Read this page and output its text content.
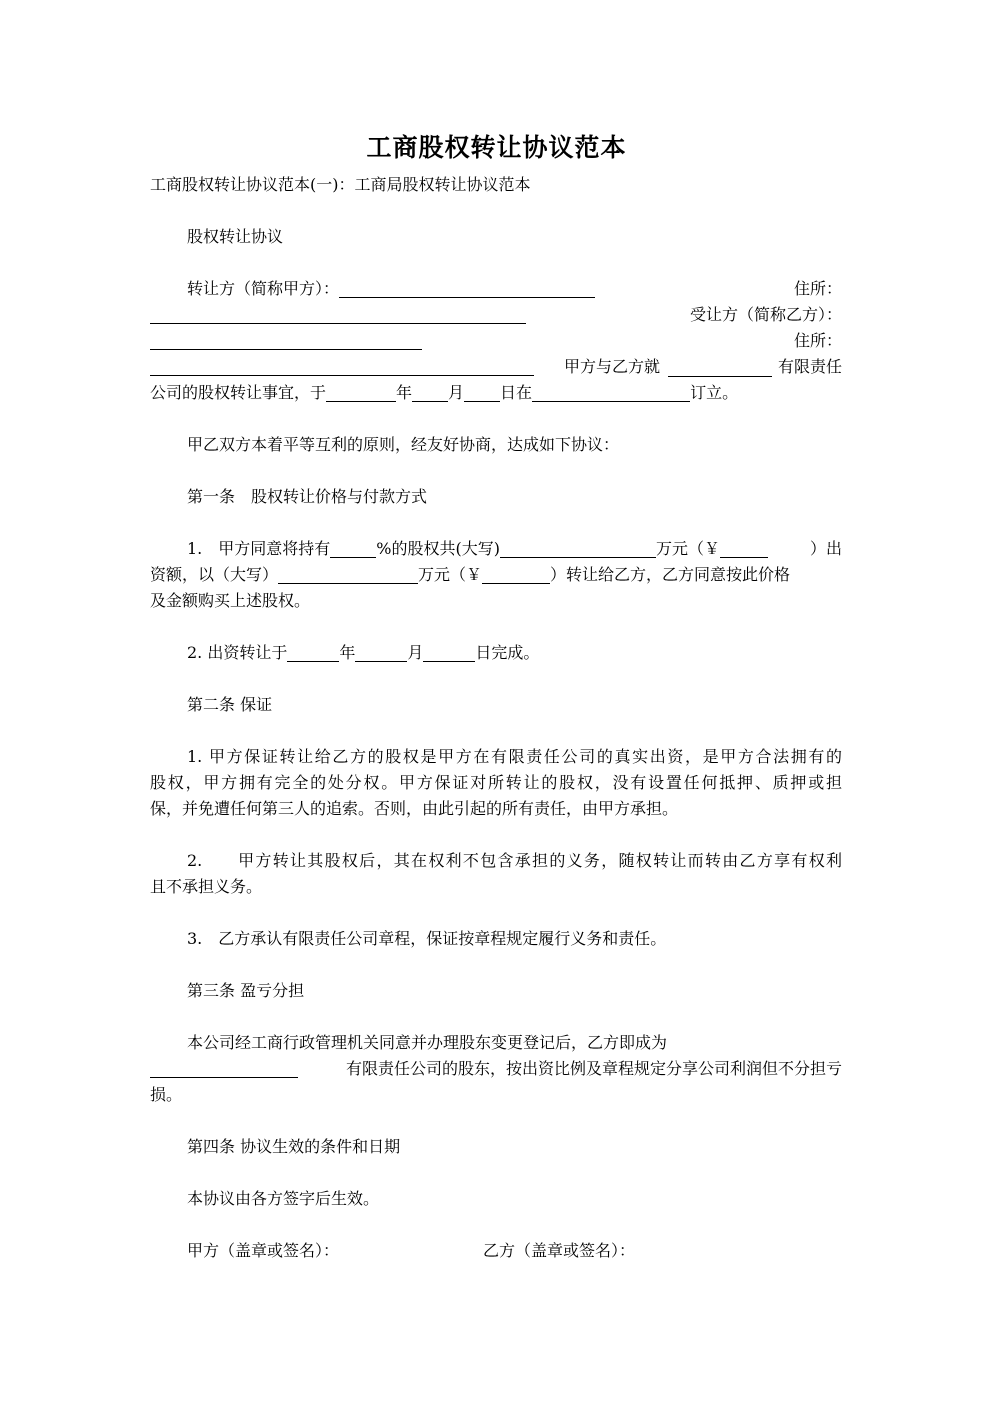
工商股权转让协议范本
工商股权转让协议范本(一)：工商局股权转让协议范本
股权转让协议
转让方（简称甲方）：	住所：
受让方（简称乙方）：
住所：
甲方与乙方就	有限责任
公司的股权转让事宜，于	年 月 日在	订立。
甲乙双方本着平等互利的原则，经友好协商，达成如下协议：
第一条　股权转让价格与付款方式
1.　甲方同意将持有	%的股权共(大写)	万元（￥	）出
资额，以（大写）	万元（￥	）转让给乙方，乙方同意按此价格
及金额购买上述股权。
2. 出资转让于	年	月	日完成。
第二条 保证
1. 甲方保证转让给乙方的股权是甲方在有限责任公司的真实出资，是甲方合法拥有的
股权，甲方拥有完全的处分权。甲方保证对所转让的股权，没有设置任何抵押、质押或担
保，并免遭任何第三人的追索。否则，由此引起的所有责任，由甲方承担。
2.　　甲方转让其股权后，其在权利不包含承担的义务，随权转让而转由乙方享有权利
且不承担义务。
3.　乙方承认有限责任公司章程，保证按章程规定履行义务和责任。
第三条 盈亏分担
本公司经工商行政管理机关同意并办理股东变更登记后，乙方即成为
有限责任公司的股东，按出资比例及章程规定分享公司利润但不分担亏
损。
第四条 协议生效的条件和日期
本协议由各方签字后生效。
甲方（盖章或签名）：	乙方（盖章或签名）：
